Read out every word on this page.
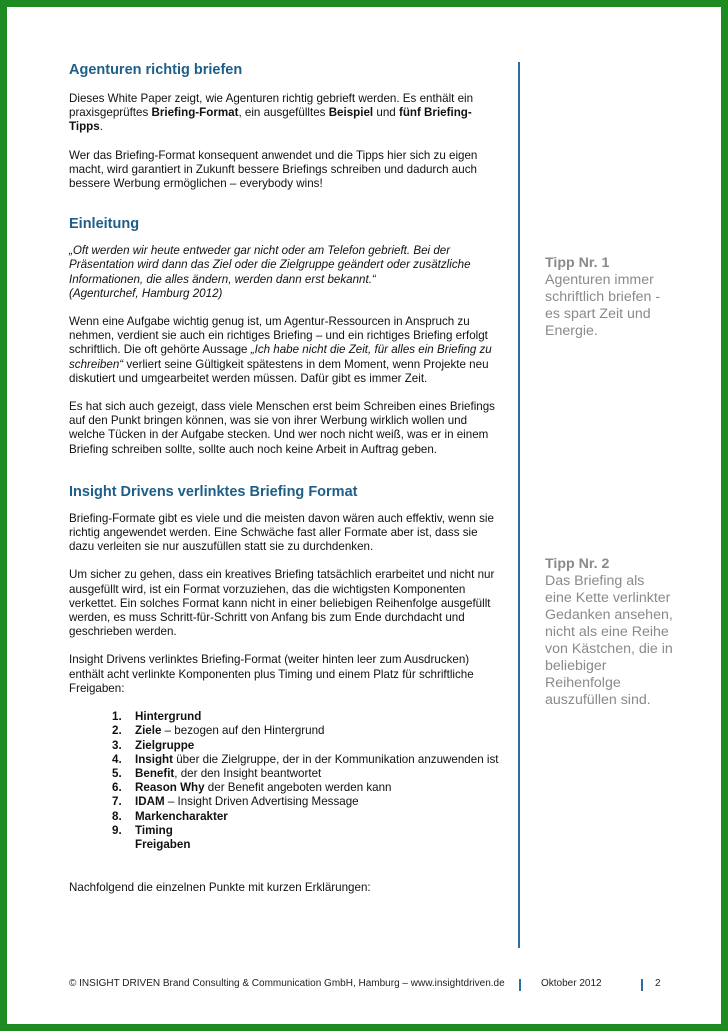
Agenturen richtig briefen

Dieses White Paper zeigt, wie Agenturen richtig gebrieft werden. Es enthält ein praxisgeprüftes Briefing-Format, ein ausgefülltes Beispiel und fünf Briefing-Tipps.

Wer das Briefing-Format konsequent anwendet und die Tipps hier sich zu eigen macht, wird garantiert in Zukunft bessere Briefings schreiben und dadurch auch bessere Werbung ermöglichen – everybody wins!

Einleitung

„Oft werden wir heute entweder gar nicht oder am Telefon gebrieft. Bei der Präsentation wird dann das Ziel oder die Zielgruppe geändert oder zusätzliche Informationen, die alles ändern, werden dann erst bekannt.“
(Agenturchef, Hamburg 2012)

Wenn eine Aufgabe wichtig genug ist, um Agentur-Ressourcen in Anspruch zu nehmen, verdient sie auch ein richtiges Briefing – und ein richtiges Briefing erfolgt schriftlich. Die oft gehörte Aussage „Ich habe nicht die Zeit, für alles ein Briefing zu schreiben“ verliert seine Gültigkeit spätestens in dem Moment, wenn Projekte neu diskutiert und umgearbeitet werden müssen. Dafür gibt es immer Zeit.

Es hat sich auch gezeigt, dass viele Menschen erst beim Schreiben eines Briefings auf den Punkt bringen können, was sie von ihrer Werbung wirklich wollen und welche Tücken in der Aufgabe stecken. Und wer noch nicht weiß, was er in einem Briefing schreiben sollte, sollte auch noch keine Arbeit in Auftrag geben.

Insight Drivens verlinktes Briefing Format

Briefing-Formate gibt es viele und die meisten davon wären auch effektiv, wenn sie richtig angewendet werden. Eine Schwäche fast aller Formate aber ist, dass sie dazu verleiten sie nur auszufüllen statt sie zu durchdenken.

Um sicher zu gehen, dass ein kreatives Briefing tatsächlich erarbeitet und nicht nur ausgefüllt wird, ist ein Format vorzuziehen, das die wichtigsten Komponenten verkettet. Ein solches Format kann nicht in einer beliebigen Reihenfolge ausgefüllt werden, es muss Schritt-für-Schritt von Anfang bis zum Ende durchdacht und geschrieben werden.

Insight Drivens verlinktes Briefing-Format (weiter hinten leer zum Ausdrucken) enthält acht verlinkte Komponenten plus Timing und einem Platz für schriftliche Freigaben:

1. Hintergrund
2. Ziele – bezogen auf den Hintergrund
3. Zielgruppe
4. Insight über die Zielgruppe, der in der Kommunikation anzuwenden ist
5. Benefit, der den Insight beantwortet
6. Reason Why der Benefit angeboten werden kann
7. IDAM – Insight Driven Advertising Message
8. Markencharakter
9. Timing
Freigaben

Nachfolgend die einzelnen Punkte mit kurzen Erklärungen:

Tipp Nr. 1
Agenturen immer schriftlich briefen - es spart Zeit und Energie.
Tipp Nr. 2
Das Briefing als eine Kette verlinkter Gedanken ansehen, nicht als eine Reihe von Kästchen, die in beliebiger Reihenfolge auszufüllen sind.
© INSIGHT DRIVEN Brand Consulting & Communication GmbH, Hamburg – www.insightdriven.de	Oktober 2012	2
